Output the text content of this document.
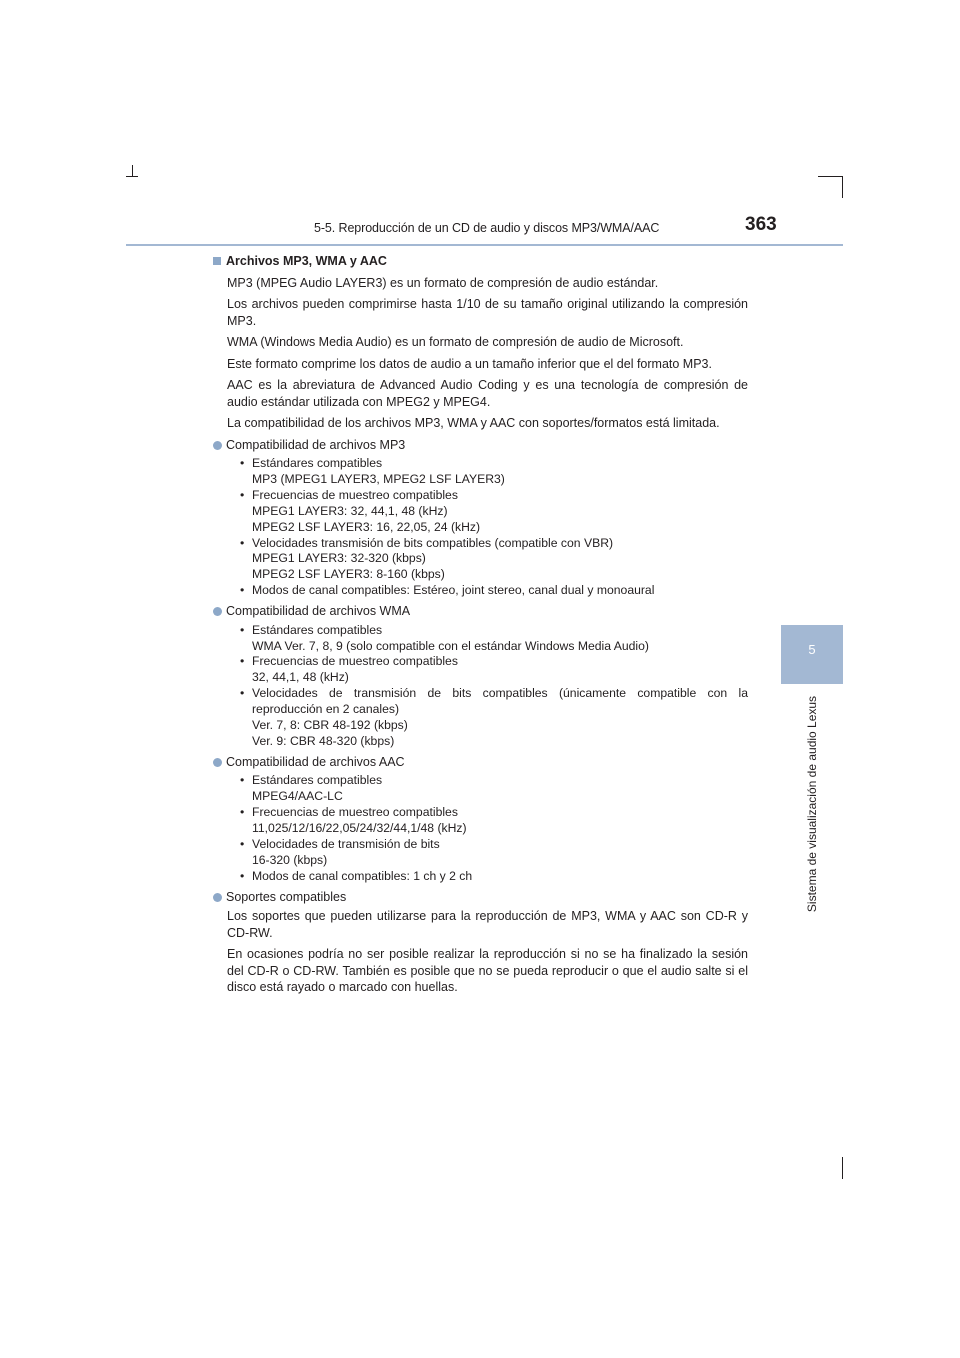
5-5. Reproducción de un CD de audio y discos MP3/WMA/AAC	363
5
Sistema de visualización de audio Lexus
Archivos MP3, WMA y AAC
MP3 (MPEG Audio LAYER3) es un formato de compresión de audio estándar.
Los archivos pueden comprimirse hasta 1/10 de su tamaño original utilizando la compresión MP3.
WMA (Windows Media Audio) es un formato de compresión de audio de Microsoft.
Este formato comprime los datos de audio a un tamaño inferior que el del formato MP3.
AAC es la abreviatura de Advanced Audio Coding y es una tecnología de compresión de audio estándar utilizada con MPEG2 y MPEG4.
La compatibilidad de los archivos MP3, WMA y AAC con soportes/formatos está limitada.
Compatibilidad de archivos MP3
• Estándares compatibles
MP3 (MPEG1 LAYER3, MPEG2 LSF LAYER3)
• Frecuencias de muestreo compatibles
MPEG1 LAYER3: 32, 44,1, 48 (kHz)
MPEG2 LSF LAYER3: 16, 22,05, 24 (kHz)
• Velocidades transmisión de bits compatibles (compatible con VBR)
MPEG1 LAYER3: 32-320 (kbps)
MPEG2 LSF LAYER3: 8-160 (kbps)
• Modos de canal compatibles: Estéreo, joint stereo, canal dual y monoaural
Compatibilidad de archivos WMA
• Estándares compatibles
WMA Ver. 7, 8, 9 (solo compatible con el estándar Windows Media Audio)
• Frecuencias de muestreo compatibles
32, 44,1, 48 (kHz)
• Velocidades de transmisión de bits compatibles (únicamente compatible con la reproducción en 2 canales)
Ver. 7, 8: CBR 48-192 (kbps)
Ver. 9: CBR 48-320 (kbps)
Compatibilidad de archivos AAC
• Estándares compatibles
MPEG4/AAC-LC
• Frecuencias de muestreo compatibles
11,025/12/16/22,05/24/32/44,1/48 (kHz)
• Velocidades de transmisión de bits
16-320 (kbps)
• Modos de canal compatibles: 1 ch y 2 ch
Soportes compatibles
Los soportes que pueden utilizarse para la reproducción de MP3, WMA y AAC son CD-R y CD-RW.
En ocasiones podría no ser posible realizar la reproducción si no se ha finalizado la sesión del CD-R o CD-RW. También es posible que no se pueda reproducir o que el audio salte si el disco está rayado o marcado con huellas.
